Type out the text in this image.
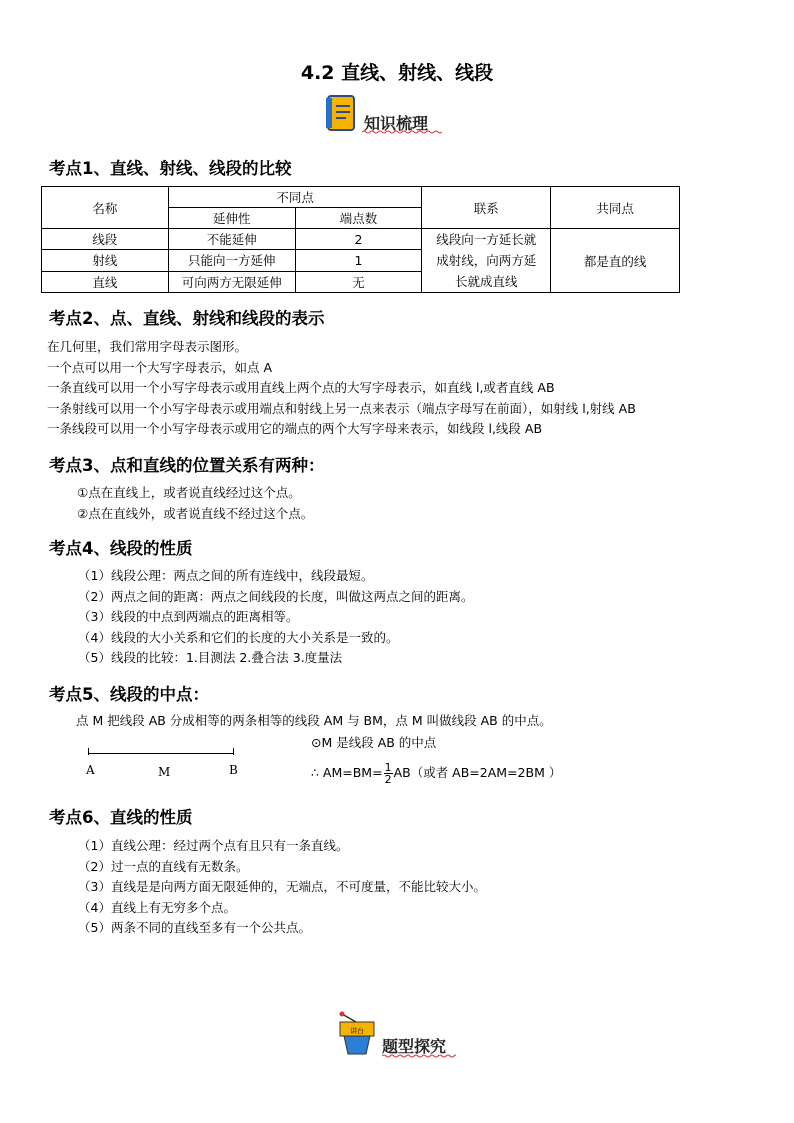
4.2 直线、射线、线段
知识梳理
考点1、直线、射线、线段的比较
名称	不同点		联系	共同点
	延伸性	端点数		
线段	不能延伸	2	线段向一方延长就
成射线，向两方延
长就成直线	都是直的线
射线	只能向一方延伸	1		
直线	可向两方无限延伸	无		
考点2、点、直线、射线和线段的表示
在几何里，我们常用字母表示图形。
一个点可以用一个大写字母表示，如点 A
一条直线可以用一个小写字母表示或用直线上两个点的大写字母表示，如直线 l,或者直线 AB
一条射线可以用一个小写字母表示或用端点和射线上另一点来表示（端点字母写在前面），如射线 l,射线 AB
一条线段可以用一个小写字母表示或用它的端点的两个大写字母来表示，如线段 l,线段 AB
考点3、点和直线的位置关系有两种：
①点在直线上，或者说直线经过这个点。
②点在直线外，或者说直线不经过这个点。
考点4、线段的性质
（1）线段公理：两点之间的所有连线中，线段最短。
（2）两点之间的距离：两点之间线段的长度，叫做这两点之间的距离。
（3）线段的中点到两端点的距离相等。
（4）线段的大小关系和它们的长度的大小关系是一致的。
（5）线段的比较：1.目测法 2.叠合法 3.度量法
考点5、线段的中点：
点 M 把线段 AB 分成相等的两条相等的线段 AM 与 BM，点 M 叫做线段 AB 的中点。
A	M	B
⊙M 是线段 AB 的中点
∴ $AM=BM= \frac{1}{2} AB$（或者 AB=2AM=2BM ）
考点6、直线的性质
（1）直线公理：经过两个点有且只有一条直线。
（2）过一点的直线有无数条。
（3）直线是是向两方面无限延伸的，无端点，不可度量，不能比较大小。
（4）直线上有无穷多个点。
（5）两条不同的直线至多有一个公共点。
讲台
题型探究
